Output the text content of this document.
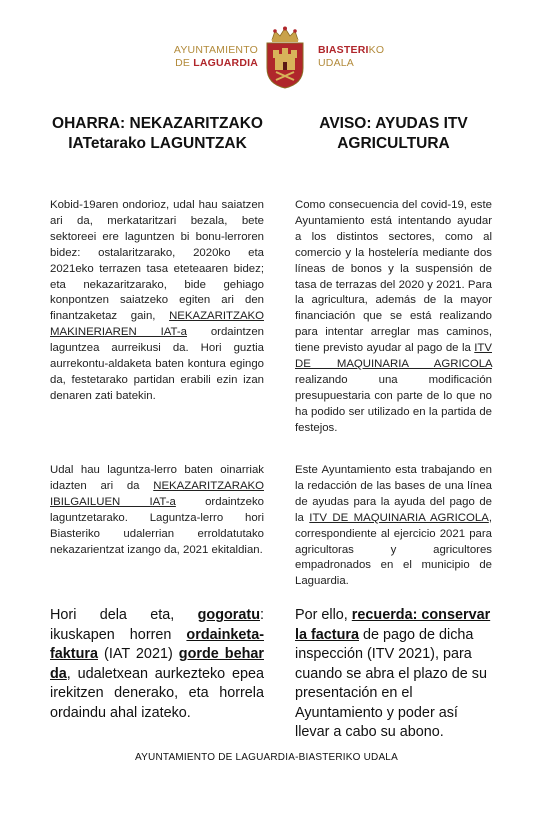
AYUNTAMIENTO
DE LAGUARDIA
BIASTERIKO
UDALA
OHARRA: NEKAZARITZAKO IATetarako LAGUNTZAK
AVISO: AYUDAS ITV AGRICULTURA
Kobid-19aren ondorioz, udal hau saiatzen ari da, merkataritzari bezala, bete sektoreei ere laguntzen bi bonu-lerroren bidez: ostalaritzarako, 2020ko eta 2021eko terrazen tasa eteteaaren bidez; eta nekazaritzarako, bide gehiago konpontzen saiatzeko egiten ari den finantzaketaz gain, NEKAZARITZAKO MAKINERIAREN IAT-a ordaintzen laguntzea aurreikusi da. Hori guztia aurrekontu-aldaketa baten kontura egingo da, festetarako partidan erabili ezin izan denaren zati batekin.
Como consecuencia del covid-19, este Ayuntamiento está intentando ayudar a los distintos sectores, como al comercio y la hostelería mediante dos líneas de bonos y la suspensión de tasa de terrazas del 2020 y 2021. Para la agricultura, además de la mayor financiación que se está realizando para intentar arreglar mas caminos, tiene previsto ayudar al pago de la ITV DE MAQUINARIA AGRICOLA realizando una modificación presupuestaria con parte de lo que no ha podido ser utilizado en la partida de festejos.
Udal hau laguntza-lerro baten oinarriak idazten ari da NEKAZARITZARAKO IBILGAILUEN IAT-a ordaintzeko laguntzetarako. Laguntza-lerro hori Biasteriko udalerrian erroldatutako nekazarientzat izango da, 2021 ekitaldian.
Este Ayuntamiento esta trabajando en la redacción de las bases de una línea de ayudas para la ayuda del pago de la ITV DE MAQUINARIA AGRICOLA, correspondiente al ejercicio 2021 para agricultoras y agricultores empadronados en el municipio de Laguardia.
Hori dela eta, gogoratu: ikuskapen horren ordainketa-faktura (IAT 2021) gorde behar da, udaletxean aurkezteko epea irekitzen denerako, eta horrela ordaindu ahal izateko.
Por ello, recuerda: conservar la factura de pago de dicha inspección (ITV 2021), para cuando se abra el plazo de su presentación en el Ayuntamiento y poder así llevar a cabo su abono.
AYUNTAMIENTO DE LAGUARDIA-BIASTERIKO UDALA
